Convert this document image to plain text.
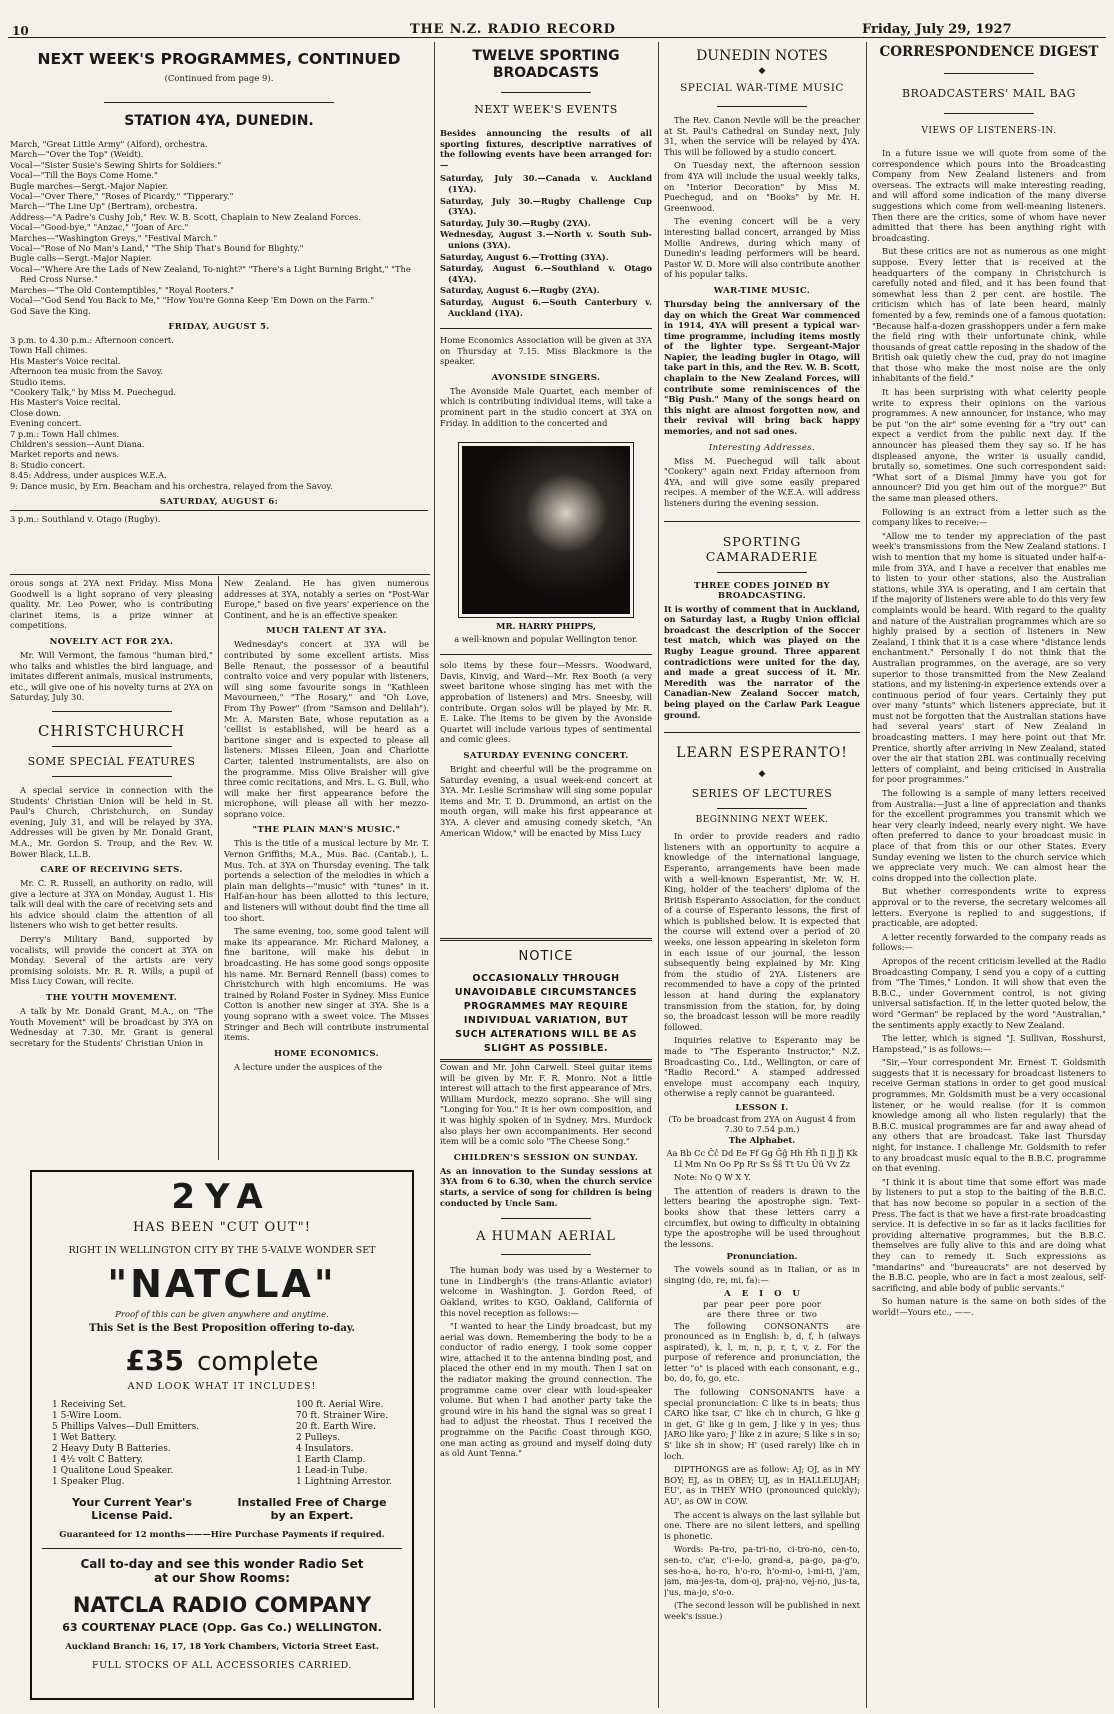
10	THE N.Z. RADIO RECORD	Friday, July 29, 1927
NEXT WEEK'S PROGRAMMES, CONTINUED
(Continued from page 9).
STATION 4YA, DUNEDIN.

March, "Great Little Army" (Alford), orchestra.

March—"Over the Top" (Weidt).

Vocal—"Sister Susie's Sewing Shirts for Soldiers."

Vocal—"Till the Boys Come Home."

Bugle marches—Sergt.-Major Napier.

Vocal—"Over There," "Roses of Picardy," "Tipperary."

March—"The Line Up" (Bertram), orchestra.

Address—"A Padre's Cushy Job," Rev. W. B. Scott, Chaplain to New Zealand Forces.

Vocal—"Good-bye," "Anzac," "Joan of Arc."

Marches—"Washington Greys," "Festival March."

Vocal—"Rose of No Man's Land," "The Ship That's Bound for Blighty."

Bugle calls—Sergt.-Major Napier.

Vocal—"Where Are the Lads of New Zealand, To-night?" "There's a Light Burning Bright," "The Red Cross Nurse."

Marches—"The Old Contemptibles," "Royal Rooters."

Vocal—"God Send You Back to Me," "How You're Gonna Keep 'Em Down on the Farm."

God Save the King.

FRIDAY, AUGUST 5.

3 p.m. to 4.30 p.m.: Afternoon concert.

Town Hall chimes.

His Master's Voice recital.

Afternoon tea music from the Savoy.

Studio items.

"Cookery Talk," by Miss M. Puechegud.

His Master's Voice recital.

Close down.

Evening concert.

7 p.m.: Town Hall chimes.

Children's session—Aunt Diana.

Market reports and news.

8: Studio concert.

8.45: Address, under auspices W.E.A.

9: Dance music, by Ern. Beacham and his orchestra, relayed from the Savoy.

SATURDAY, AUGUST 6:

3 p.m.: Southland v. Otago (Rugby).

orous songs at 2YA next Friday. Miss Mona Goodwell is a light soprano of very pleasing quality. Mr. Leo Power, who is contributing clarinet items, is a prize winner at competitions.

NOVELTY ACT FOR 2YA.

Mr. Will Vermont, the famous "human bird," who talks and whistles the bird language, and imitates different animals, musical instruments, etc., will give one of his novelty turns at 2YA on Saturday, July 30.

CHRISTCHURCH
SOME SPECIAL FEATURES

A special service in connection with the Students' Christian Union will be held in St. Paul's Church, Christchurch, on Sunday evening, July 31, and will be relayed by 3YA. Addresses will be given by Mr. Donald Grant, M.A., Mr. Gordon S. Troup, and the Rev. W. Bower Black, LL.B.

CARE OF RECEIVING SETS.

Mr. C. R. Russell, an authority on radio, will give a lecture at 3YA on Monday, August 1. His talk will deal with the care of receiving sets and his advice should claim the attention of all listeners who wish to get better results.

Derry's Military Band, supported by vocalists, will provide the concert at 3YA on Monday. Several of the artists are very promising soloists. Mr. R. R. Wills, a pupil of Miss Lucy Cowan, will recite.

THE YOUTH MOVEMENT.

A talk by Mr. Donald Grant, M.A., on "The Youth Movement" will be broadcast by 3YA on Wednesday at 7.30. Mr. Grant is general secretary for the Students' Christian Union in

New Zealand. He has given numerous addresses at 3YA, notably a series on "Post-War Europe," based on five years' experience on the Continent, and he is an effective speaker.

MUCH TALENT AT 3YA.

Wednesday's concert at 3YA will be contributed by some excellent artists. Miss Belle Renaut, the possessor of a beautiful contralto voice and very popular with listeners, will sing some favourite songs in "Kathleen Mavourneen," "The Rosary," and "Oh Love, From Thy Power" (from "Samson and Delilah"). Mr. A. Marsten Bate, whose reputation as a 'cellist is established, will be heard as a baritone singer and is expected to please all listeners. Misses Eileen, Joan and Charlotte Carter, talented instrumentalists, are also on the programme. Miss Olive Braisher will give three comic recitations, and Mrs. L. G. Bull, who will make her first appearance before the microphone, will please all with her mezzo-soprano voice.

"THE PLAIN MAN'S MUSIC."

This is the title of a musical lecture by Mr. T. Vernon Griffiths, M.A., Mus. Bac. (Cantab.), L. Mus. Tch. at 3YA on Thursday evening. The talk portends a selection of the melodies in which a plain man delights—"music" with "tunes" in it. Half-an-hour has been allotted to this lecture, and listeners will without doubt find the time all too short.

The same evening, too, some good talent will make its appearance. Mr. Richard Maloney, a fine baritone, will make his debut in broadcasting. He has some good songs opposite his name. Mr. Bernard Rennell (bass) comes to Christchurch with high encomiums. He was trained by Roland Foster in Sydney. Miss Eunice Cotton is another new singer at 3YA. She is a young soprano with a sweet voice. The Misses Stringer and Bech will contribute instrumental items.

HOME ECONOMICS.

A lecture under the auspices of the

2YA
HAS BEEN "CUT OUT"!
RIGHT IN WELLINGTON CITY BY THE 5-VALVE WONDER SET
"NATCLA"
Proof of this can be given anywhere and anytime.
This Set is the Best Proposition offering to-day.
£35 complete
AND LOOK WHAT IT INCLUDES!

1 Receiving Set.

1 5-Wire Loom.

5 Phillips Valves—Dull Emitters.

1 Wet Battery.

2 Heavy Duty B Batteries.

1 4½ volt C Battery.

1 Qualitone Loud Speaker.

1 Speaker Plug.

100 ft. Aerial Wire.

70 ft. Strainer Wire.

20 ft. Earth Wire.

2 Pulleys.

4 Insulators.

1 Earth Clamp.

1 Lead-in Tube.

1 Lightning Arrestor.

Your Current Year's License Paid.
Installed Free of Charge by an Expert.
Guaranteed for 12 months———Hire Purchase Payments if required.
Call to-day and see this wonder Radio Set at our Show Rooms:
NATCLA RADIO COMPANY
63 COURTENAY PLACE (Opp. Gas Co.) WELLINGTON.
Auckland Branch: 16, 17, 18 York Chambers, Victoria Street East.
FULL STOCKS OF ALL ACCESSORIES CARRIED.
TWELVE SPORTING BROADCASTS
NEXT WEEK'S EVENTS

Besides announcing the results of all sporting fixtures, descriptive narratives of the following events have been arranged for:—

Saturday, July 30.—Canada v. Auckland (1YA).

Saturday, July 30.—Rugby Challenge Cup (3YA).

Saturday, July 30.—Rugby (2YA).

Wednesday, August 3.—North v. South Sub-unions (3YA).

Saturday, August 6.—Trotting (3YA).

Saturday, August 6.—Southland v. Otago (4YA).

Saturday, August 6.—Rugby (2YA).

Saturday, August 6.—South Canterbury v. Auckland (1YA).

Home Economics Association will be given at 3YA on Thursday at 7.15. Miss Blackmore is the speaker.

AVONSIDE SINGERS.

The Avonside Male Quartet, each member of which is contributing individual items, will take a prominent part in the studio concert at 3YA on Friday. In addition to the concerted and

MR. HARRY PHIPPS,
a well-known and popular Wellington tenor.

solo items by these four—Messrs. Woodward, Davis, Kinvig, and Ward—Mr. Rex Booth (a very sweet baritone whose singing has met with the approbation of listeners) and Mrs. Sneesby, will contribute. Organ solos will be played by Mr. R. E. Lake. The items to be given by the Avonside Quartet will include various types of sentimental and comic glees.

SATURDAY EVENING CONCERT.

Bright and cheerful will be the programme on Saturday evening, a usual week-end concert at 3YA. Mr. Leslie Scrimshaw will sing some popular items and Mr. T. D. Drummond, an artist on the mouth organ, will make his first appearance at 3YA. A clever and amusing comedy sketch, "An American Widow," will be enacted by Miss Lucy

NOTICE
OCCASIONALLY THROUGH UNAVOIDABLE CIRCUMSTANCES PROGRAMMES MAY REQUIRE INDIVIDUAL VARIATION, BUT SUCH ALTERATIONS WILL BE AS SLIGHT AS POSSIBLE.

Cowan and Mr. John Carwell. Steel guitar items will be given by Mr. F. R. Monro. Not a little interest will attach to the first appearance of Mrs. William Murdock, mezzo soprano. She will sing "Longing for You." It is her own composition, and it was highly spoken of in Sydney. Mrs. Murdock also plays her own accompaniments. Her second item will be a comic solo "The Cheese Song."

CHILDREN'S SESSION ON SUNDAY.

As an innovation to the Sunday sessions at 3YA from 6 to 6.30, when the church service starts, a service of song for children is being conducted by Uncle Sam.

A HUMAN AERIAL

The human body was used by a Westerner to tune in Lindbergh's (the trans-Atlantic aviator) welcome in Washington. J. Gordon Reed, of Oakland, writes to KGO, Oakland, California of this novel reception as follows:—

"I wanted to hear the Lindy broadcast, but my aerial was down. Remembering the body to be a conductor of radio energy, I took some copper wire, attached it to the antenna binding post, and placed the other end in my mouth. Then I sat on the radiator making the ground connection. The programme came over clear with loud-speaker volume. But when I had another party take the ground wire in his hand the signal was so great I had to adjust the rheostat. Thus I received the programme on the Pacific Coast through KGO, one man acting as ground and myself doing duty as old Aunt Tenna."

DUNEDIN NOTES
◆
SPECIAL WAR-TIME MUSIC

The Rev. Canon Nevile will be the preacher at St. Paul's Cathedral on Sunday next, July 31, when the service will be relayed by 4YA. This will be followed by a studio concert.

On Tuesday next, the afternoon session from 4YA will include the usual weekly talks, on "Interior Decoration" by Miss M. Puechegud, and on "Books" by Mr. H. Greenwood.

The evening concert will be a very interesting ballad concert, arranged by Miss Mollie Andrews, during which many of Dunedin's leading performers will be heard. Pastor W. D. More will also contribute another of his popular talks.

WAR-TIME MUSIC.

Thursday being the anniversary of the day on which the Great War commenced in 1914, 4YA will present a typical war-time programme, including items mostly of the lighter type. Sergeant-Major Napier, the leading bugler in Otago, will take part in this, and the Rev. W. B. Scott, chaplain to the New Zealand Forces, will contribute some reminiscences of the "Big Push." Many of the songs heard on this night are almost forgotten now, and their revival will bring back happy memories, and not sad ones.

Interesting Addresses.

Miss M. Puechegud will talk about "Cookery" again next Friday afternoon from 4YA, and will give some easily prepared recipes. A member of the W.E.A. will address listeners during the evening session.

SPORTING CAMARADERIE
THREE CODES JOINED BY BROADCASTING.

It is worthy of comment that in Auckland, on Saturday last, a Rugby Union official broadcast the description of the Soccer test match, which was played on the Rugby League ground. Three apparent contradictions were united for the day, and made a great success of it. Mr. Meredith was the narrator of the Canadian-New Zealand Soccer match, being played on the Carlaw Park League ground.

LEARN ESPERANTO!
◆
SERIES OF LECTURES
BEGINNING NEXT WEEK.

In order to provide readers and radio listeners with an opportunity to acquire a knowledge of the international language, Esperanto, arrangements have been made with a well-known Esperantist, Mr. W. H. King, holder of the teachers' diploma of the British Esperanto Association, for the conduct of a course of Esperanto lessons, the first of which is published below. It is expected that the course will extend over a period of 20 weeks, one lesson appearing in skeleton form in each issue of our journal, the lesson subsequently being explained by Mr. King from the studio of 2YA. Listeners are recommended to have a copy of the printed lesson at hand during the explanatory transmission from the station, for, by doing so, the broadcast lesson will be more readily followed.

Inquiries relative to Esperanto may be made to "The Esperanto Instructor," N.Z. Broadcasting Co., Ltd., Wellington, or care of "Radio Record." A stamped addressed envelope must accompany each inquiry, otherwise a reply cannot be guaranteed.

LESSON I.
(To be broadcast from 2YA on August 4 from 7.30 to 7.54 p.m.)
The Alphabet.

Aa Bb Cc Ĉĉ Dd Ee Ff Gg Ĝĝ Hh Ĥĥ Ii Jj Ĵĵ Kk Ll Mm Nn Oo Pp Rr Ss Ŝŝ Tt Uu Ŭŭ Vv Zz

Note: No Q W X Y.

The attention of readers is drawn to the letters bearing the apostrophe sign. Text-books show that these letters carry a circumflex, but owing to difficulty in obtaining type the apostrophe will be used throughout the lessons.

Pronunciation.

The vowels sound as in Italian, or as in singing (do, re, mi, fa):—

A E I O U
par pear peer pore poor
are there three or two

The following CONSONANTS are pronounced as in English: b, d, f, h (always aspirated), k, l, m, n, p, r, t, v, z. For the purpose of reference and pronunciation, the letter "o" is placed with each consonant, e.g., bo, do, fo, go, etc.

The following CONSONANTS have a special pronunciation: C like ts in beats; thus CARO like tsar, C' like ch in church, G like g in get, G' like g in gem, J like y in yes; thus JARO like yaro; J' like z in azure; S like s in so; S' like sh in show; H' (used rarely) like ch in loch.

DIPTHONGS are as follow: AJ; OJ, as in MY BOY; EJ, as in OBEY; UJ, as in HALLELUJAH; EU', as in THEY WHO (pronounced quickly); AU', as OW in COW.

The accent is always on the last syllable but one. There are no silent letters, and spelling is phonetic.

Words: Pa-tro, pa-tri-no, ci-tro-no, cen-to, sen-to, c'ar, c'i-e-lo, grand-a, pa-go, pa-g'o, ses-ho-a, ho-ro, h'o-ro, h'o-mi-o, i-mi-ti, j'am, jam, ma-jes-ta, dom-oj, praj-no, vej-no, jus-ta, j'us, ma-jo, s'o-o.

(The second lesson will be published in next week's issue.)

CORRESPONDENCE DIGEST
BROADCASTERS' MAIL BAG
VIEWS OF LISTENERS-IN.

In a future issue we will quote from some of the correspondence which pours into the Broadcasting Company from New Zealand listeners and from overseas. The extracts will make interesting reading, and will afford some indication of the many diverse suggestions which come from well-meaning listeners. Then there are the critics, some of whom have never admitted that there has been anything right with broadcasting.

But these critics are not as numerous as one might suppose. Every letter that is received at the headquarters of the company in Christchurch is carefully noted and filed, and it has been found that somewhat less than 2 per cent. are hostile. The criticism which has of late been heard, mainly fomented by a few, reminds one of a famous quotation: "Because half-a-dozen grasshoppers under a fern make the field ring with their unfortunate chink, while thousands of great cattle reposing in the shadow of the British oak quietly chew the cud, pray do not imagine that those who make the most noise are the only inhabitants of the field."

It has been surprising with what celerity people write to express their opinions on the various programmes. A new announcer, for instance, who may be put "on the air" some evening for a "try out" can expect a verdict from the public next day. If the announcer has pleased them they say so. If he has displeased anyone, the writer is usually candid, brutally so, sometimes. One such correspondent said: "What sort of a Dismal Jimmy have you got for announcer? Did you get him out of the morgue?" But the same man pleased others.

Following is an extract from a letter such as the company likes to receive:—

"Allow me to tender my appreciation of the past week's transmissions from the New Zealand stations. I wish to mention that my home is situated under half-a-mile from 3YA, and I have a receiver that enables me to listen to your other stations, also the Australian stations, while 3YA is operating, and I am certain that if the majority of listeners were able to do this very few complaints would be heard. With regard to the quality and nature of the Australian programmes which are so highly praised by a section of listeners in New Zealand, I think that it is a case where "distance lends enchantment." Personally I do not think that the Australian programmes, on the average, are so very superior to those transmitted from the New Zealand stations, and my listening-in experience extends over a continuous period of four years. Certainly they put over many "stunts" which listeners appreciate, but it must not be forgotten that the Australian stations have had several years' start of New Zealand in broadcasting matters. I may here point out that Mr. Prentice, shortly after arriving in New Zealand, stated over the air that station 2BL was continually receiving letters of complaint, and being criticised in Australia for poor programmes."

The following is a sample of many letters received from Australia:—Just a line of appreciation and thanks for the excellent programmes you transmit which we hear very clearly indeed, nearly every night. We have often preferred to dance to your broadcast music in place of that from this or our other States. Every Sunday evening we listen to the church service which we appreciate very much. We can almost hear the coins dropped into the collection plate.

But whether correspondents write to express approval or to the reverse, the secretary welcomes all letters. Everyone is replied to and suggestions, if practicable, are adopted.

A letter recently forwarded to the company reads as follows:—

Apropos of the recent criticism levelled at the Radio Broadcasting Company, I send you a copy of a cutting from "The Times," London. It will show that even the B.B.C., under Government control, is not giving universal satisfaction. If, in the letter quoted below, the word "German" be replaced by the word "Australian," the sentiments apply exactly to New Zealand.

The letter, which is signed "J. Sullivan, Rosshurst, Hampstead," is as follows:—

"Sir,—Your correspondent Mr. Ernest T. Goldsmith suggests that it is necessary for broadcast listeners to receive German stations in order to get good musical programmes. Mr. Goldsmith must be a very occasional listener, or he would realise (for it is common knowledge among all who listen regularly) that the B.B.C. musical programmes are far and away ahead of any others that are broadcast. Take last Thursday night, for instance. I challenge Mr. Goldsmith to refer to any broadcast music equal to the B.B.C. programme on that evening.

"I think it is about time that some effort was made by listeners to put a stop to the baiting of the B.B.C. that has now become so popular in a section of the Press. The fact is that we have a first-rate broadcasting service. It is defective in so far as it lacks facilities for providing alternative programmes, but the B.B.C. themselves are fully alive to this and are doing what they can to remedy it. Such expressions as "mandarins" and "bureaucrats" are not deserved by the B.B.C. people, who are in fact a most zealous, self-sacrificing, and able body of public servants."

So human nature is the same on both sides of the world!—Yours etc., ——.
